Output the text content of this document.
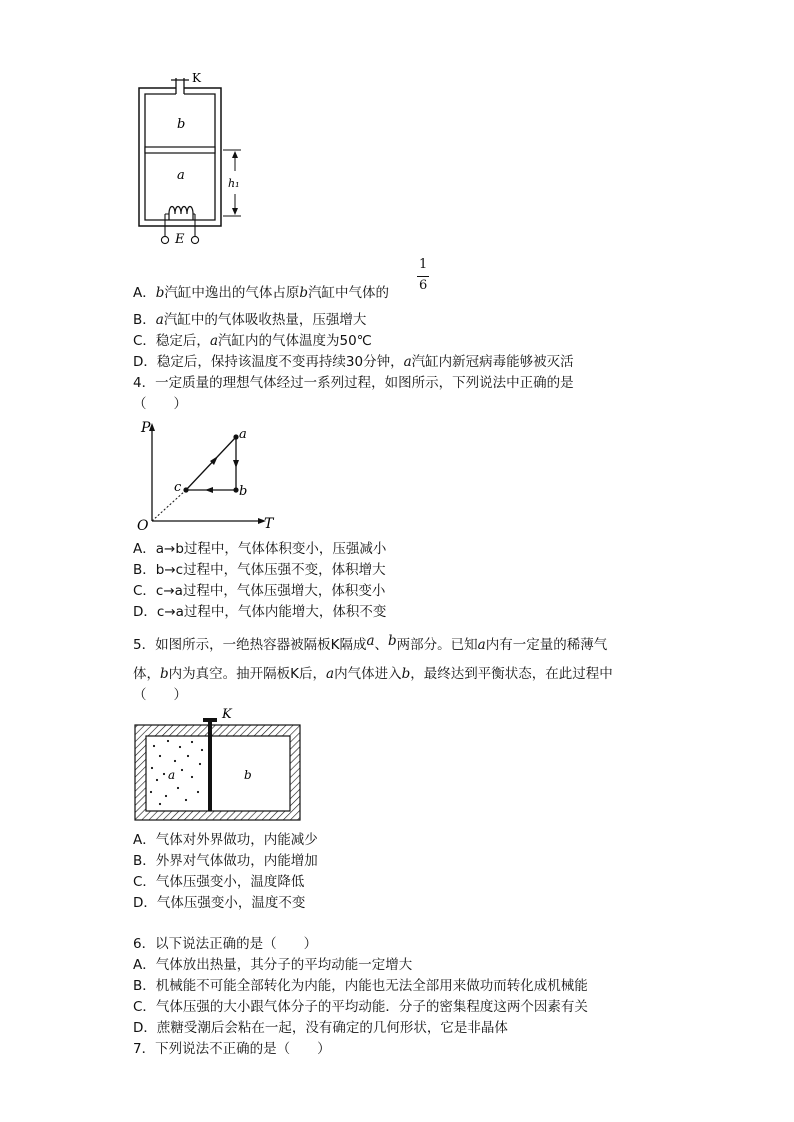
K
b
a
h₁
E
1
6
A．b汽缸中逸出的气体占原b汽缸中气体的
B．a汽缸中的气体吸收热量，压强增大
C．稳定后，a汽缸内的气体温度为50℃
D．稳定后，保持该温度不变再持续30分钟，a汽缸内新冠病毒能够被灭活
4．一定质量的理想气体经过一系列过程，如图所示，下列说法中正确的是
（　　）
P
T
O
a
b
c
A．a→b过程中，气体体积变小，压强减小
B．b→c过程中，气体压强不变，体积增大
C．c→a过程中，气体压强增大，体积变小
D．c→a过程中，气体内能增大，体积不变
5．如图所示，一绝热容器被隔板K隔成a、b两部分。已知a内有一定量的稀薄气
体，b内为真空。抽开隔板K后，a内气体进入b，最终达到平衡状态，在此过程中
（　　）
K
a	b
A．气体对外界做功，内能减少
B．外界对气体做功，内能增加
C．气体压强变小，温度降低
D．气体压强变小，温度不变
6．以下说法正确的是（　　）
A．气体放出热量，其分子的平均动能一定增大
B．机械能不可能全部转化为内能，内能也无法全部用来做功而转化成机械能
C．气体压强的大小跟气体分子的平均动能．分子的密集程度这两个因素有关
D．蔗糖受潮后会粘在一起，没有确定的几何形状，它是非晶体
7．下列说法不正确的是（　　）
